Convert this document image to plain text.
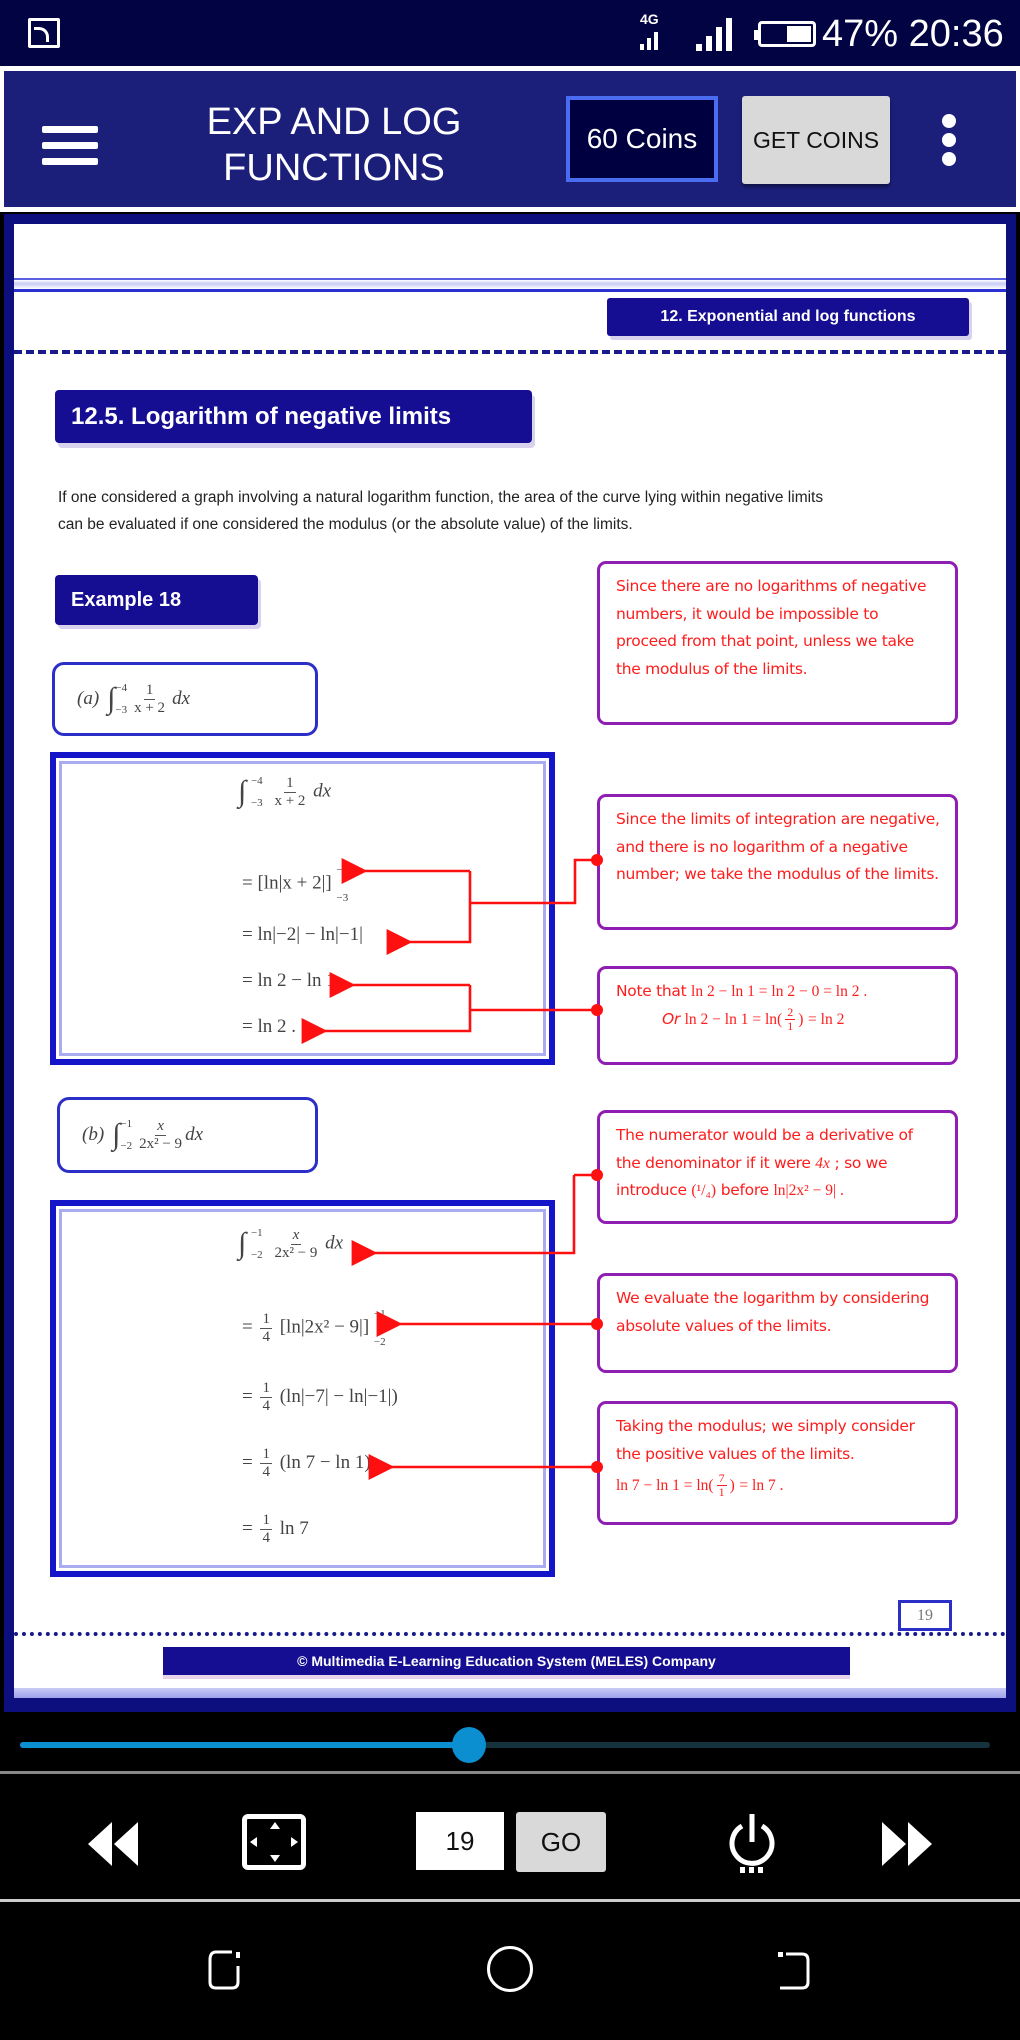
4G	47% 20:36
EXP AND LOG
FUNCTIONS
60 Coins	GET COINS
12. Exponential and log functions
12.5. Logarithm of negative limits
If one considered a graph involving a natural logarithm function, the area of the curve lying within negative limits
can be evaluated if one considered the modulus (or the absolute value) of the limits.
Example 18
(a) ∫ −4
$-3 \frac{1}{x + 2}$ dx
∫ −4
−3
$\frac{1}{x + 2}$ dx
= [ln|x + 2|]
−4
−3
= ln|−2| − ln|−1|
= ln 2 − ln 1
= ln 2 .
(b) ∫ −1
$-2 \frac{x}{\text{2x² − 9}}$ dx
∫ −1
−2
$\frac{x}{\text{2x² − 9}}$ dx
= $\frac{1}{4} [\ln|2x^2 - 9|]$
−1
−2
= $\frac{1}{4} (\ln|-7| - \ln|-1|)$
= $\frac{1}{4} (\ln$ 7 − ln 1)
= $\frac{1}{4}$ ln 7
Since there are no logarithms of negative numbers, it would be impossible to proceed from that point, unless we take the modulus of the limits.
Since the limits of integration are negative, and there is no logarithm of a negative number; we take the modulus of the limits.
Note that ln 2 − ln 1 = ln 2 − 0 = ln 2 .
Or $\ln 2 - \ln 1 = \ln( \frac{2}{1}$ ) = ln 2
The numerator would be a derivative of the denominator if it were 4x ; so we introduce (¹/₄) before ln|2x² − 9| .
We evaluate the logarithm by considering absolute values of the limits.
Taking the modulus; we simply consider the positive values of the limits.
$\ln 7 - \ln 1 = \ln( \frac{7}{1}$ ) = ln 7 .
19
© Multimedia E-Learning Education System (MELES) Company
19
GO
